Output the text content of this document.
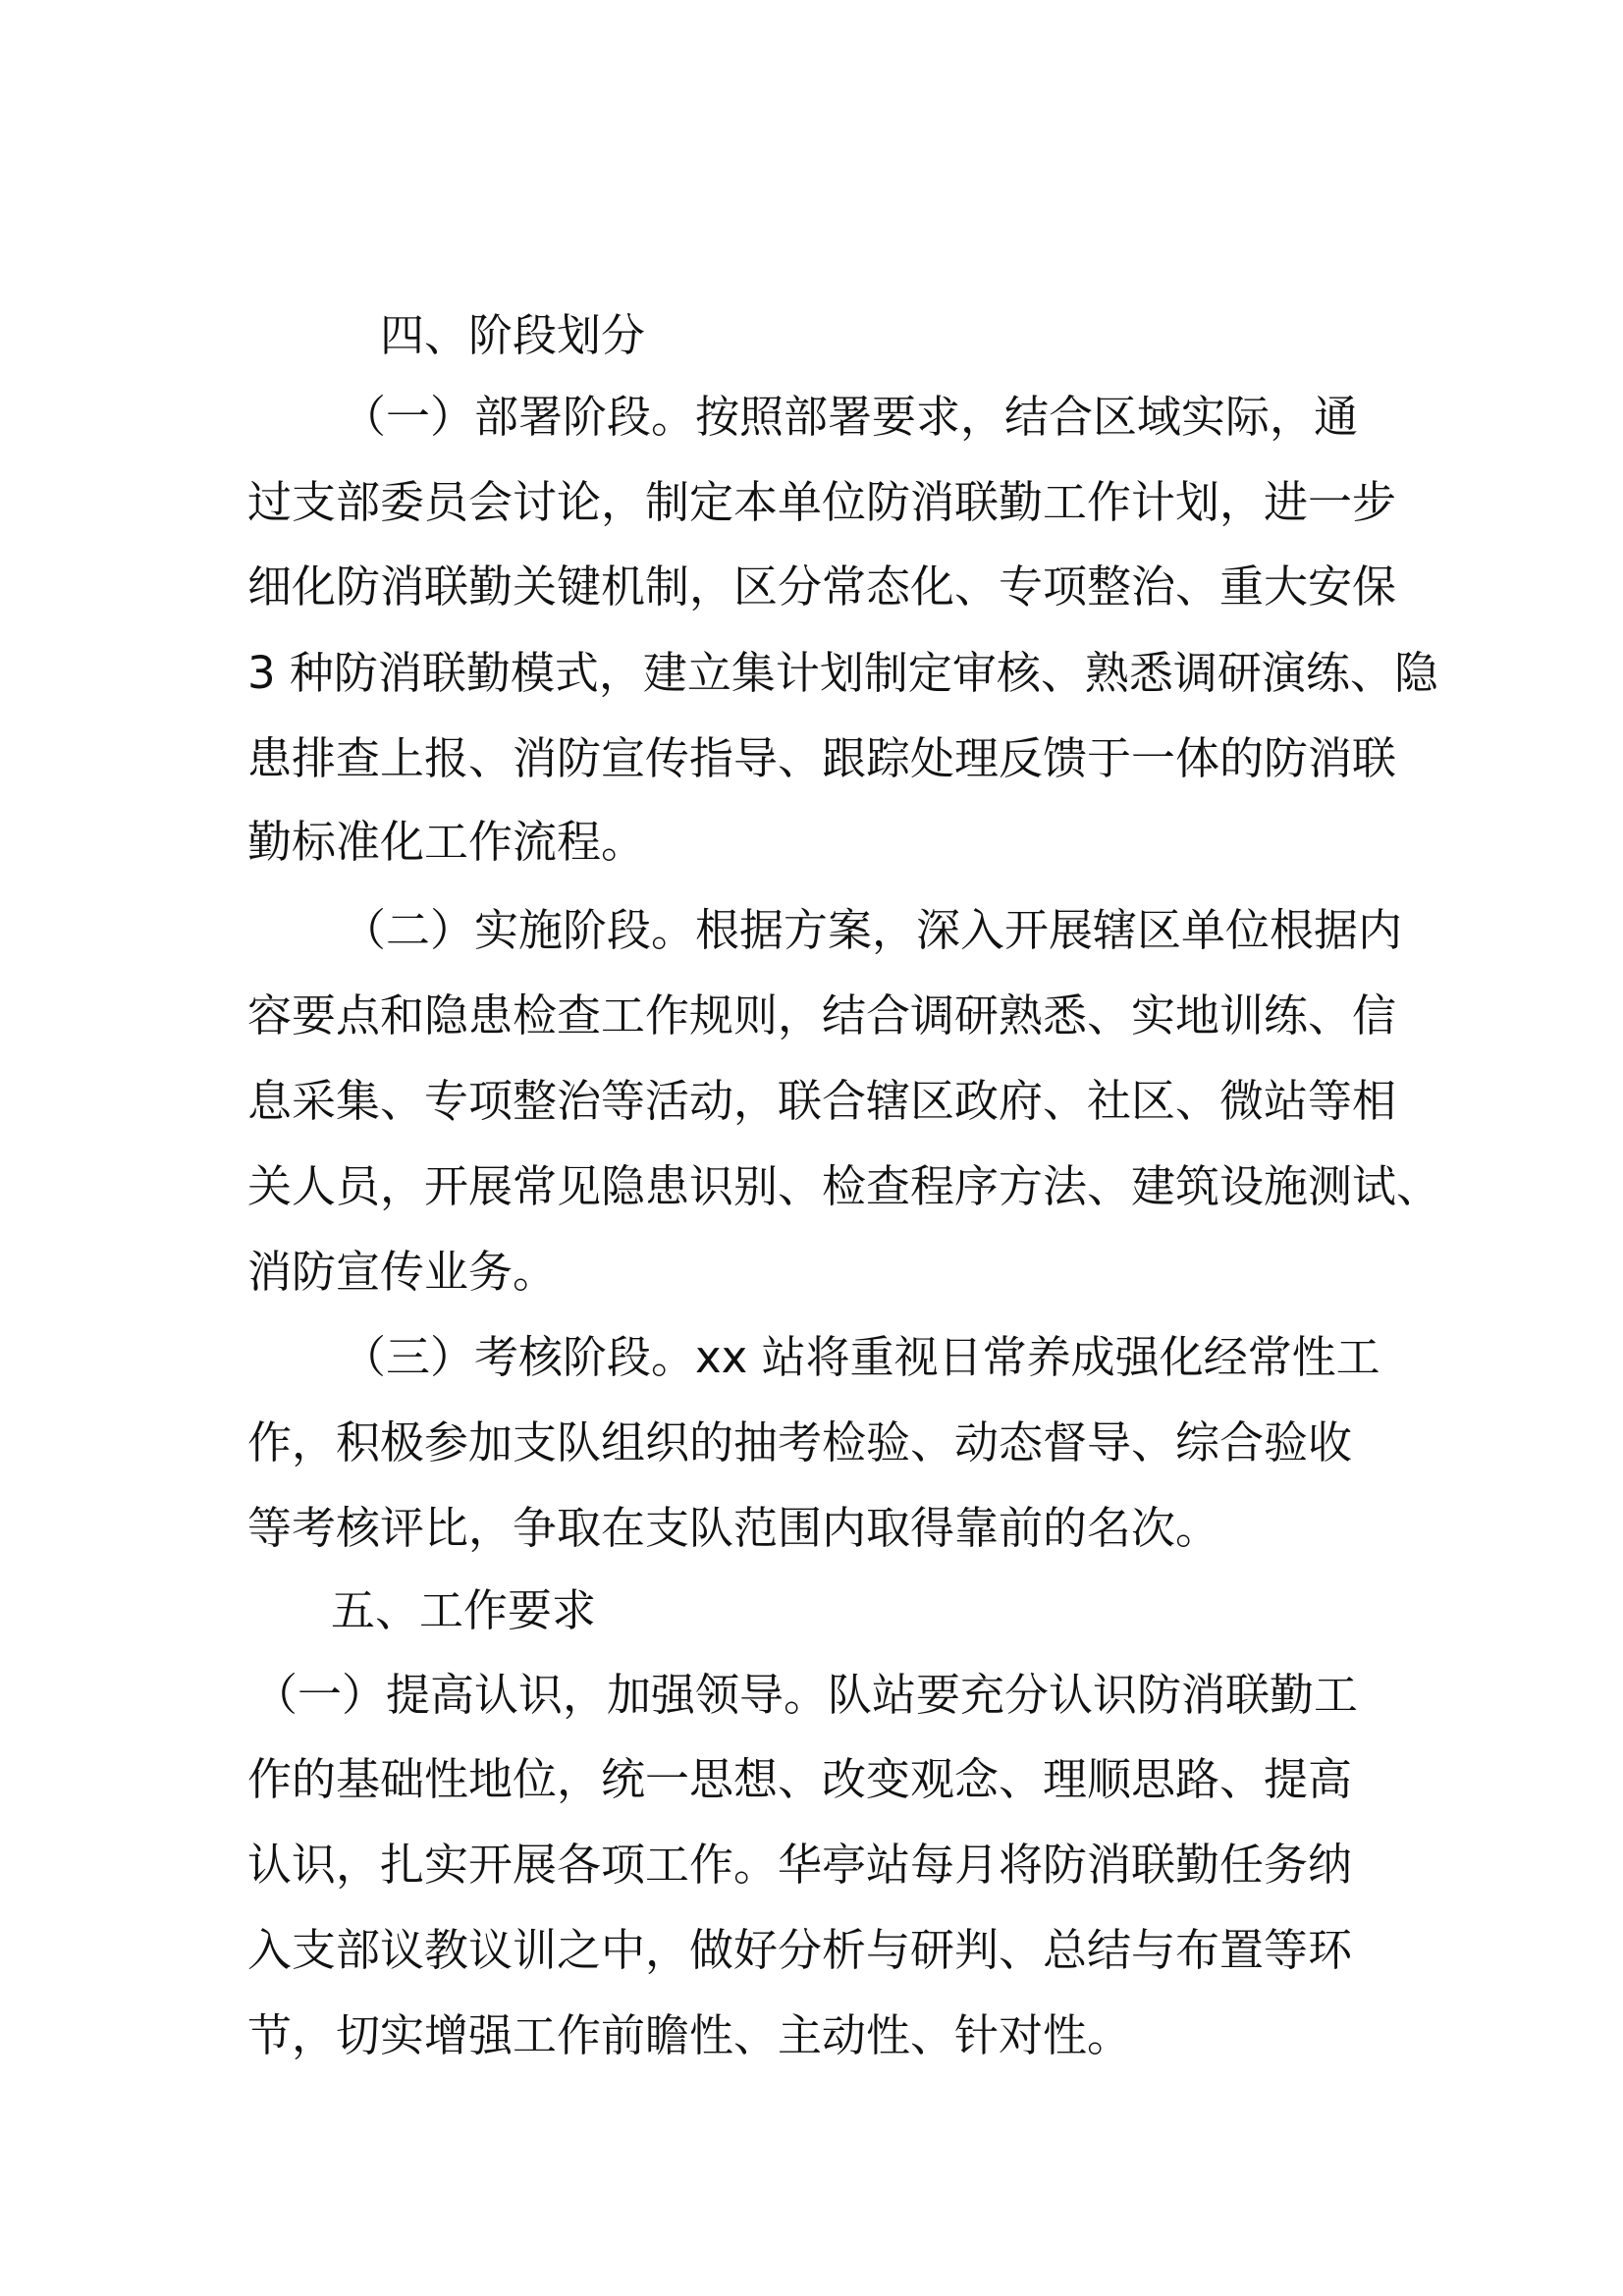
四、阶段划分
（一）部署阶段。按照部署要求，结合区域实际，通
过支部委员会讨论，制定本单位防消联勤工作计划，进一步
细化防消联勤关键机制，区分常态化、专项整治、重大安保
3 种防消联勤模式，建立集计划制定审核、熟悉调研演练、隐
患排查上报、消防宣传指导、跟踪处理反馈于一体的防消联
勤标准化工作流程。
（二）实施阶段。根据方案，深入开展辖区单位根据内
容要点和隐患检查工作规则，结合调研熟悉、实地训练、信
息采集、专项整治等活动，联合辖区政府、社区、微站等相
关人员，开展常见隐患识别、检查程序方法、建筑设施测试、
消防宣传业务。
（三）考核阶段。xx 站将重视日常养成强化经常性工
作，积极参加支队组织的抽考检验、动态督导、综合验收
等考核评比，争取在支队范围内取得靠前的名次。
五、工作要求
（一）提高认识，加强领导。队站要充分认识防消联勤工
作的基础性地位，统一思想、改变观念、理顺思路、提高
认识，扎实开展各项工作。华亭站每月将防消联勤任务纳
入支部议教议训之中，做好分析与研判、总结与布置等环
节，切实增强工作前瞻性、主动性、针对性。
